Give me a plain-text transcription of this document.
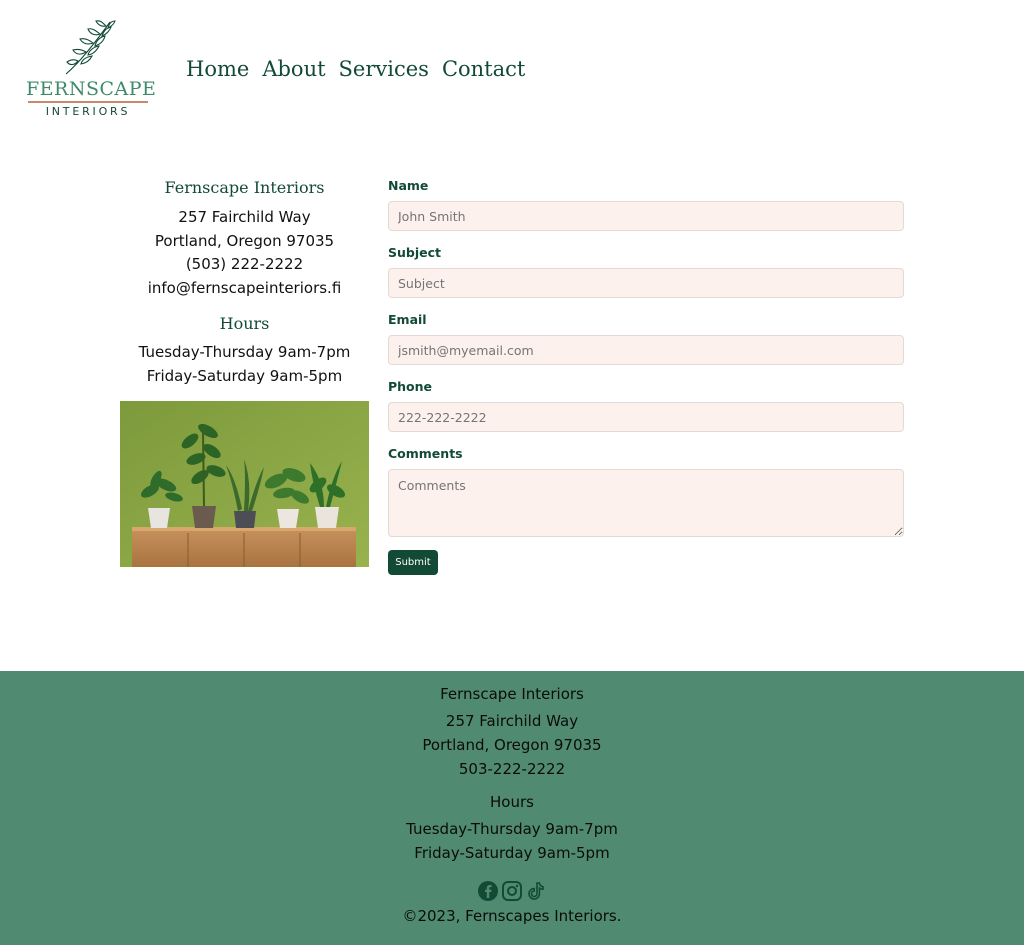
FERNSCAPE
INTERIORS
Home About Services Contact
Fernscape Interiors

257 Fairchild Way

Portland, Oregon 97035

(503) 222-2222

info@fernscapeinteriors.fi

Hours

Tuesday-Thursday 9am-7pm

Friday-Saturday 9am-5pm

Name
John Smith
Subject
Subject
Email
jsmith@myemail.com
Phone
222-222-2222
Comments
Comments
Submit
Fernscape Interiors
257 Fairchild Way
Portland, Oregon 97035
503-222-2222
Hours
Tuesday-Thursday 9am-7pm
Friday-Saturday 9am-5pm
©2023, Fernscapes Interiors.
